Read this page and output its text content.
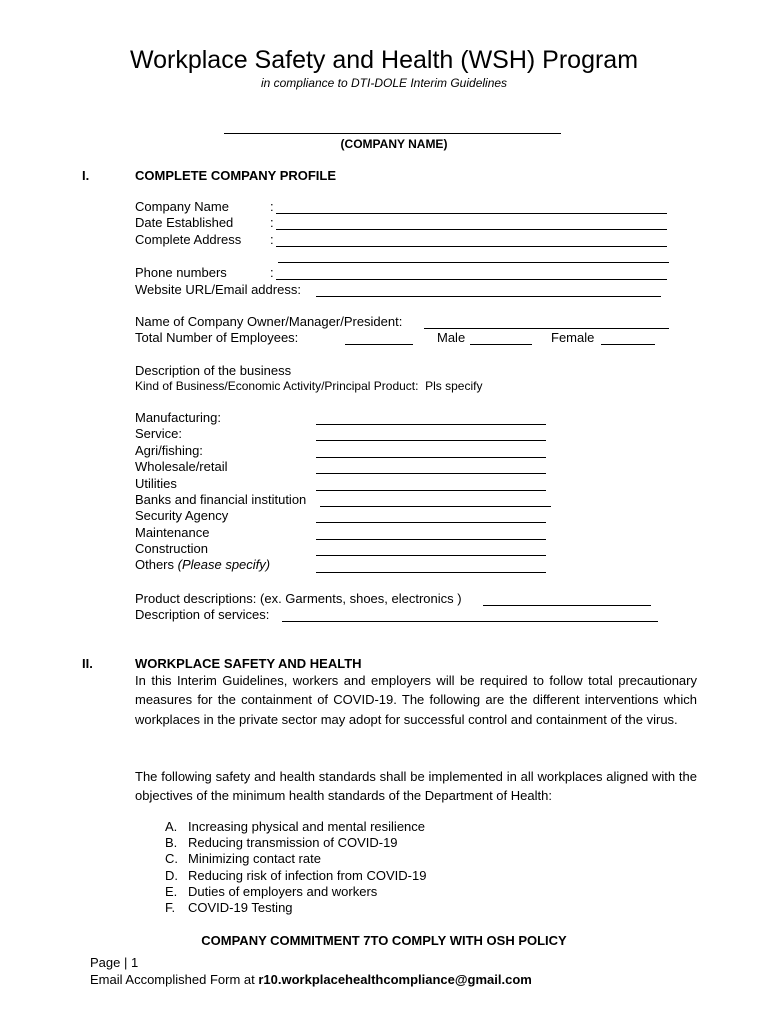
Workplace Safety and Health (WSH) Program
in compliance to DTI-DOLE Interim Guidelines
(COMPANY NAME)
I.	COMPLETE COMPANY PROFILE
Company Name	:
Date Established	:
Complete Address :
Phone numbers	:
Website URL/Email address:
Name of Company Owner/Manager/President:
Total Number of Employees:	Male	Female
Description of the business
Kind of Business/Economic Activity/Principal Product:  Pls specify
Manufacturing:
Service:
Agri/fishing:
Wholesale/retail
Utilities
Banks and financial institution
Security Agency
Maintenance
Construction
Others (Please specify)
Product descriptions: (ex. Garments, shoes, electronics )
Description of services:
II.	WORKPLACE SAFETY AND HEALTH
In this Interim Guidelines, workers and employers will be required to follow total precautionary measures for the containment of COVID-19. The following are the different interventions which workplaces in the private sector may adopt for successful control and containment of the virus.
The following safety and health standards shall be implemented in all workplaces aligned with the objectives of the minimum health standards of the Department of Health:
A. Increasing physical and mental resilience
B. Reducing transmission of COVID-19
C. Minimizing contact rate
D. Reducing risk of infection from COVID-19
E. Duties of employers and workers
F. COVID-19 Testing
COMPANY COMMITMENT 7TO COMPLY WITH OSH POLICY
Page | 1
Email Accomplished Form at r10.workplacehealthcompliance@gmail.com
